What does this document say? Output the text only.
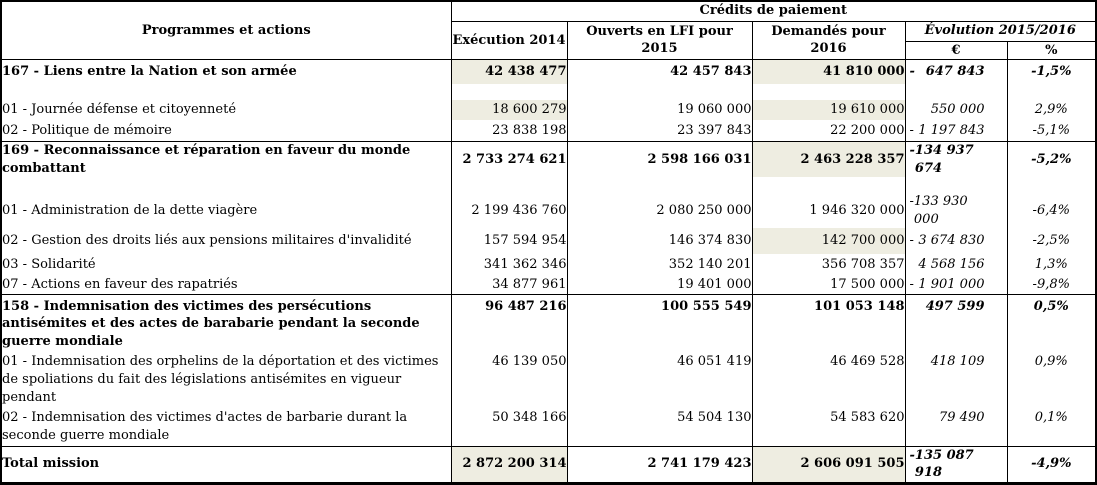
Programmes et actions	Crédits de paiement				
	Exécution 2014	Ouverts en LFI pour 2015	Demandés pour 2016	Évolution 2015/2016	
				€	%
167 - Liens entre la Nation et son armée	42 438 477	42 457 843	41 810 000	- 647 843	-1,5%

01 - Journée défense et citoyenneté	18 600 279	19 060 000	19 610 000	550 000	2,9%
02 - Politique de mémoire	23 838 198	23 397 843	22 200 000	- 1 197 843	-5,1%
169 - Reconnaissance et réparation en faveur du monde combattant	2 733 274 621	2 598 166 031	2 463 228 357	- 134 937 674	-5,2%

01 - Administration de la dette viagère	2 199 436 760	2 080 250 000	1 946 320 000	- 133 930 000	-6,4%
02 - Gestion des droits liés aux pensions militaires d'invalidité	157 594 954	146 374 830	142 700 000	- 3 674 830	-2,5%
03 - Solidarité	341 362 346	352 140 201	356 708 357	4 568 156	1,3%
07 - Actions en faveur des rapatriés	34 877 961	19 401 000	17 500 000	- 1 901 000	-9,8%
158 - Indemnisation des victimes des persécutions antisémites et des actes de barabarie pendant la seconde guerre mondiale	96 487 216	100 555 549	101 053 148	497 599	0,5%
01 - Indemnisation des orphelins de la déportation et des victimes de spoliations du fait des législations antisémites en vigueur pendant	46 139 050	46 051 419	46 469 528	418 109	0,9%
02 - Indemnisation des victimes d'actes de barbarie durant la seconde guerre mondiale	50 348 166	54 504 130	54 583 620	79 490	0,1%
Total mission	2 872 200 314	2 741 179 423	2 606 091 505	- 135 087 918	-4,9%
